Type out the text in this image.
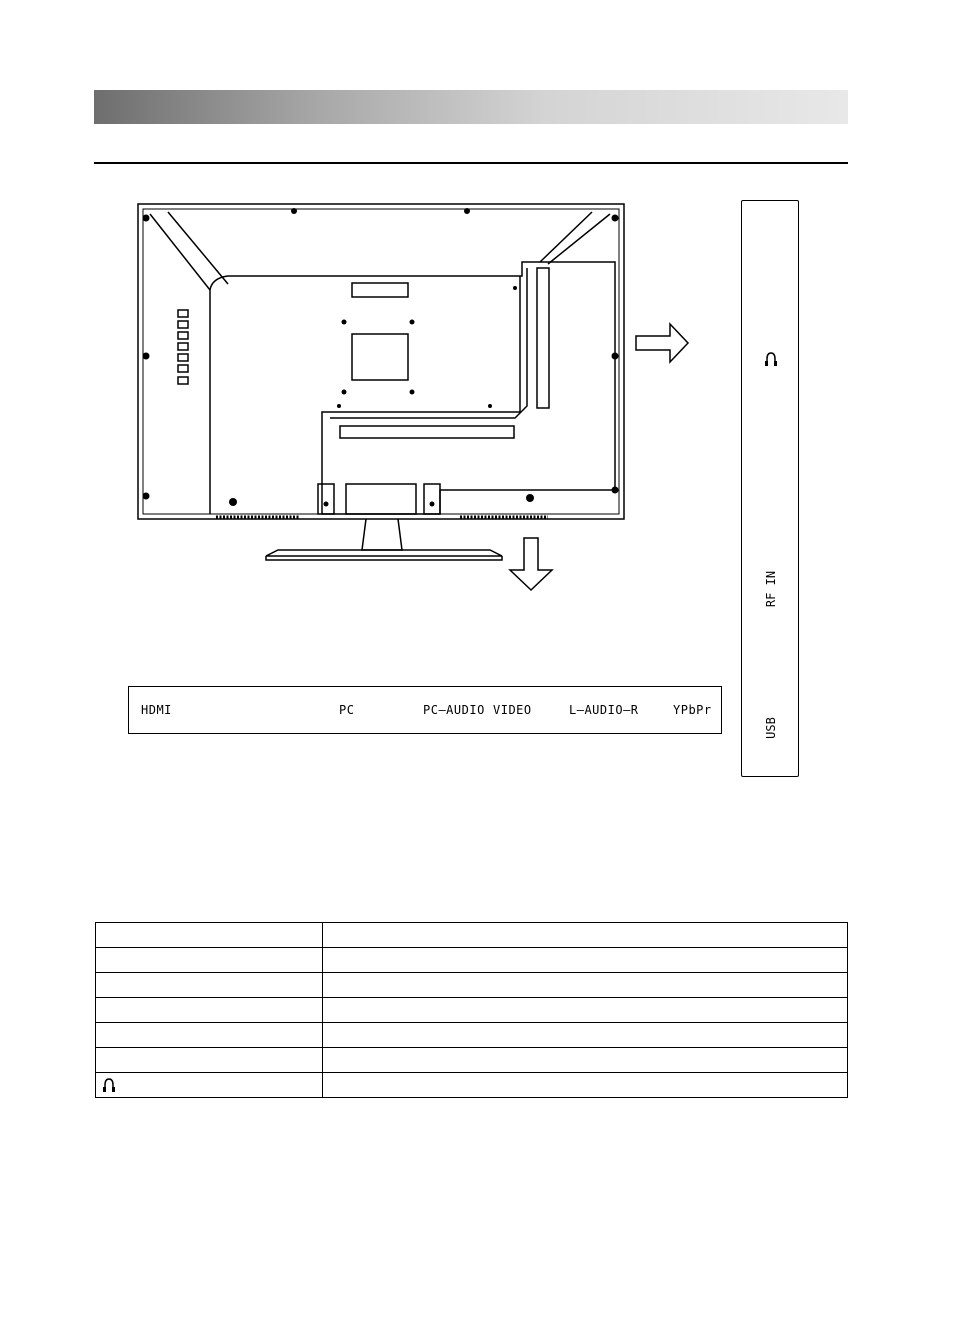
HDMI	PC	PC–AUDIO VIDEO	L–AUDIO–R	YPbPr
RF IN
USB
